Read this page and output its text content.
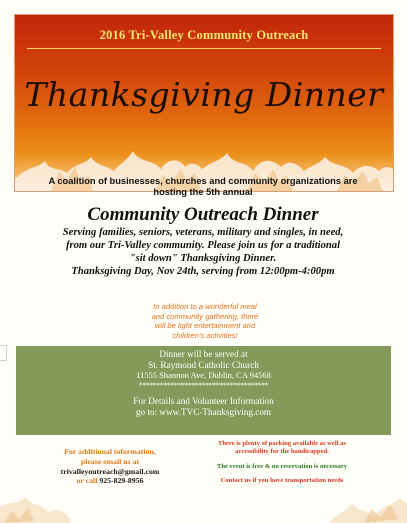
2016 Tri-Valley Community Outreach
Thanksgiving Dinner
A coalition of businesses, churches and community organizations are
hosting the 5th annual
Community Outreach Dinner
Serving families, seniors, veterans, military and singles, in need,
from our Tri-Valley community. Please join us for a traditional
"sit down" Thanksgiving Dinner.
Thanksgiving Day, Nov 24th, serving from 12:00pm-4:00pm
In addition to a wonderful meal
and community gathering, there
will be light entertainment and
children's activities!
Dinner will be served at
St. Raymond Catholic Church
11555 Shannon Ave, Dublin, CA 94568
*************************************
For Details and Volunteer Information
go to: www.TVC-Thanksgiving.com
For additional information,
please email us at
trivalleyoutreach@gmail.com
or call 925-829-8956
There is plenty of parking available as well as
accessibility for the handicapped.
The event is free & no reservation is necessary
Contact us if you have transportation needs
